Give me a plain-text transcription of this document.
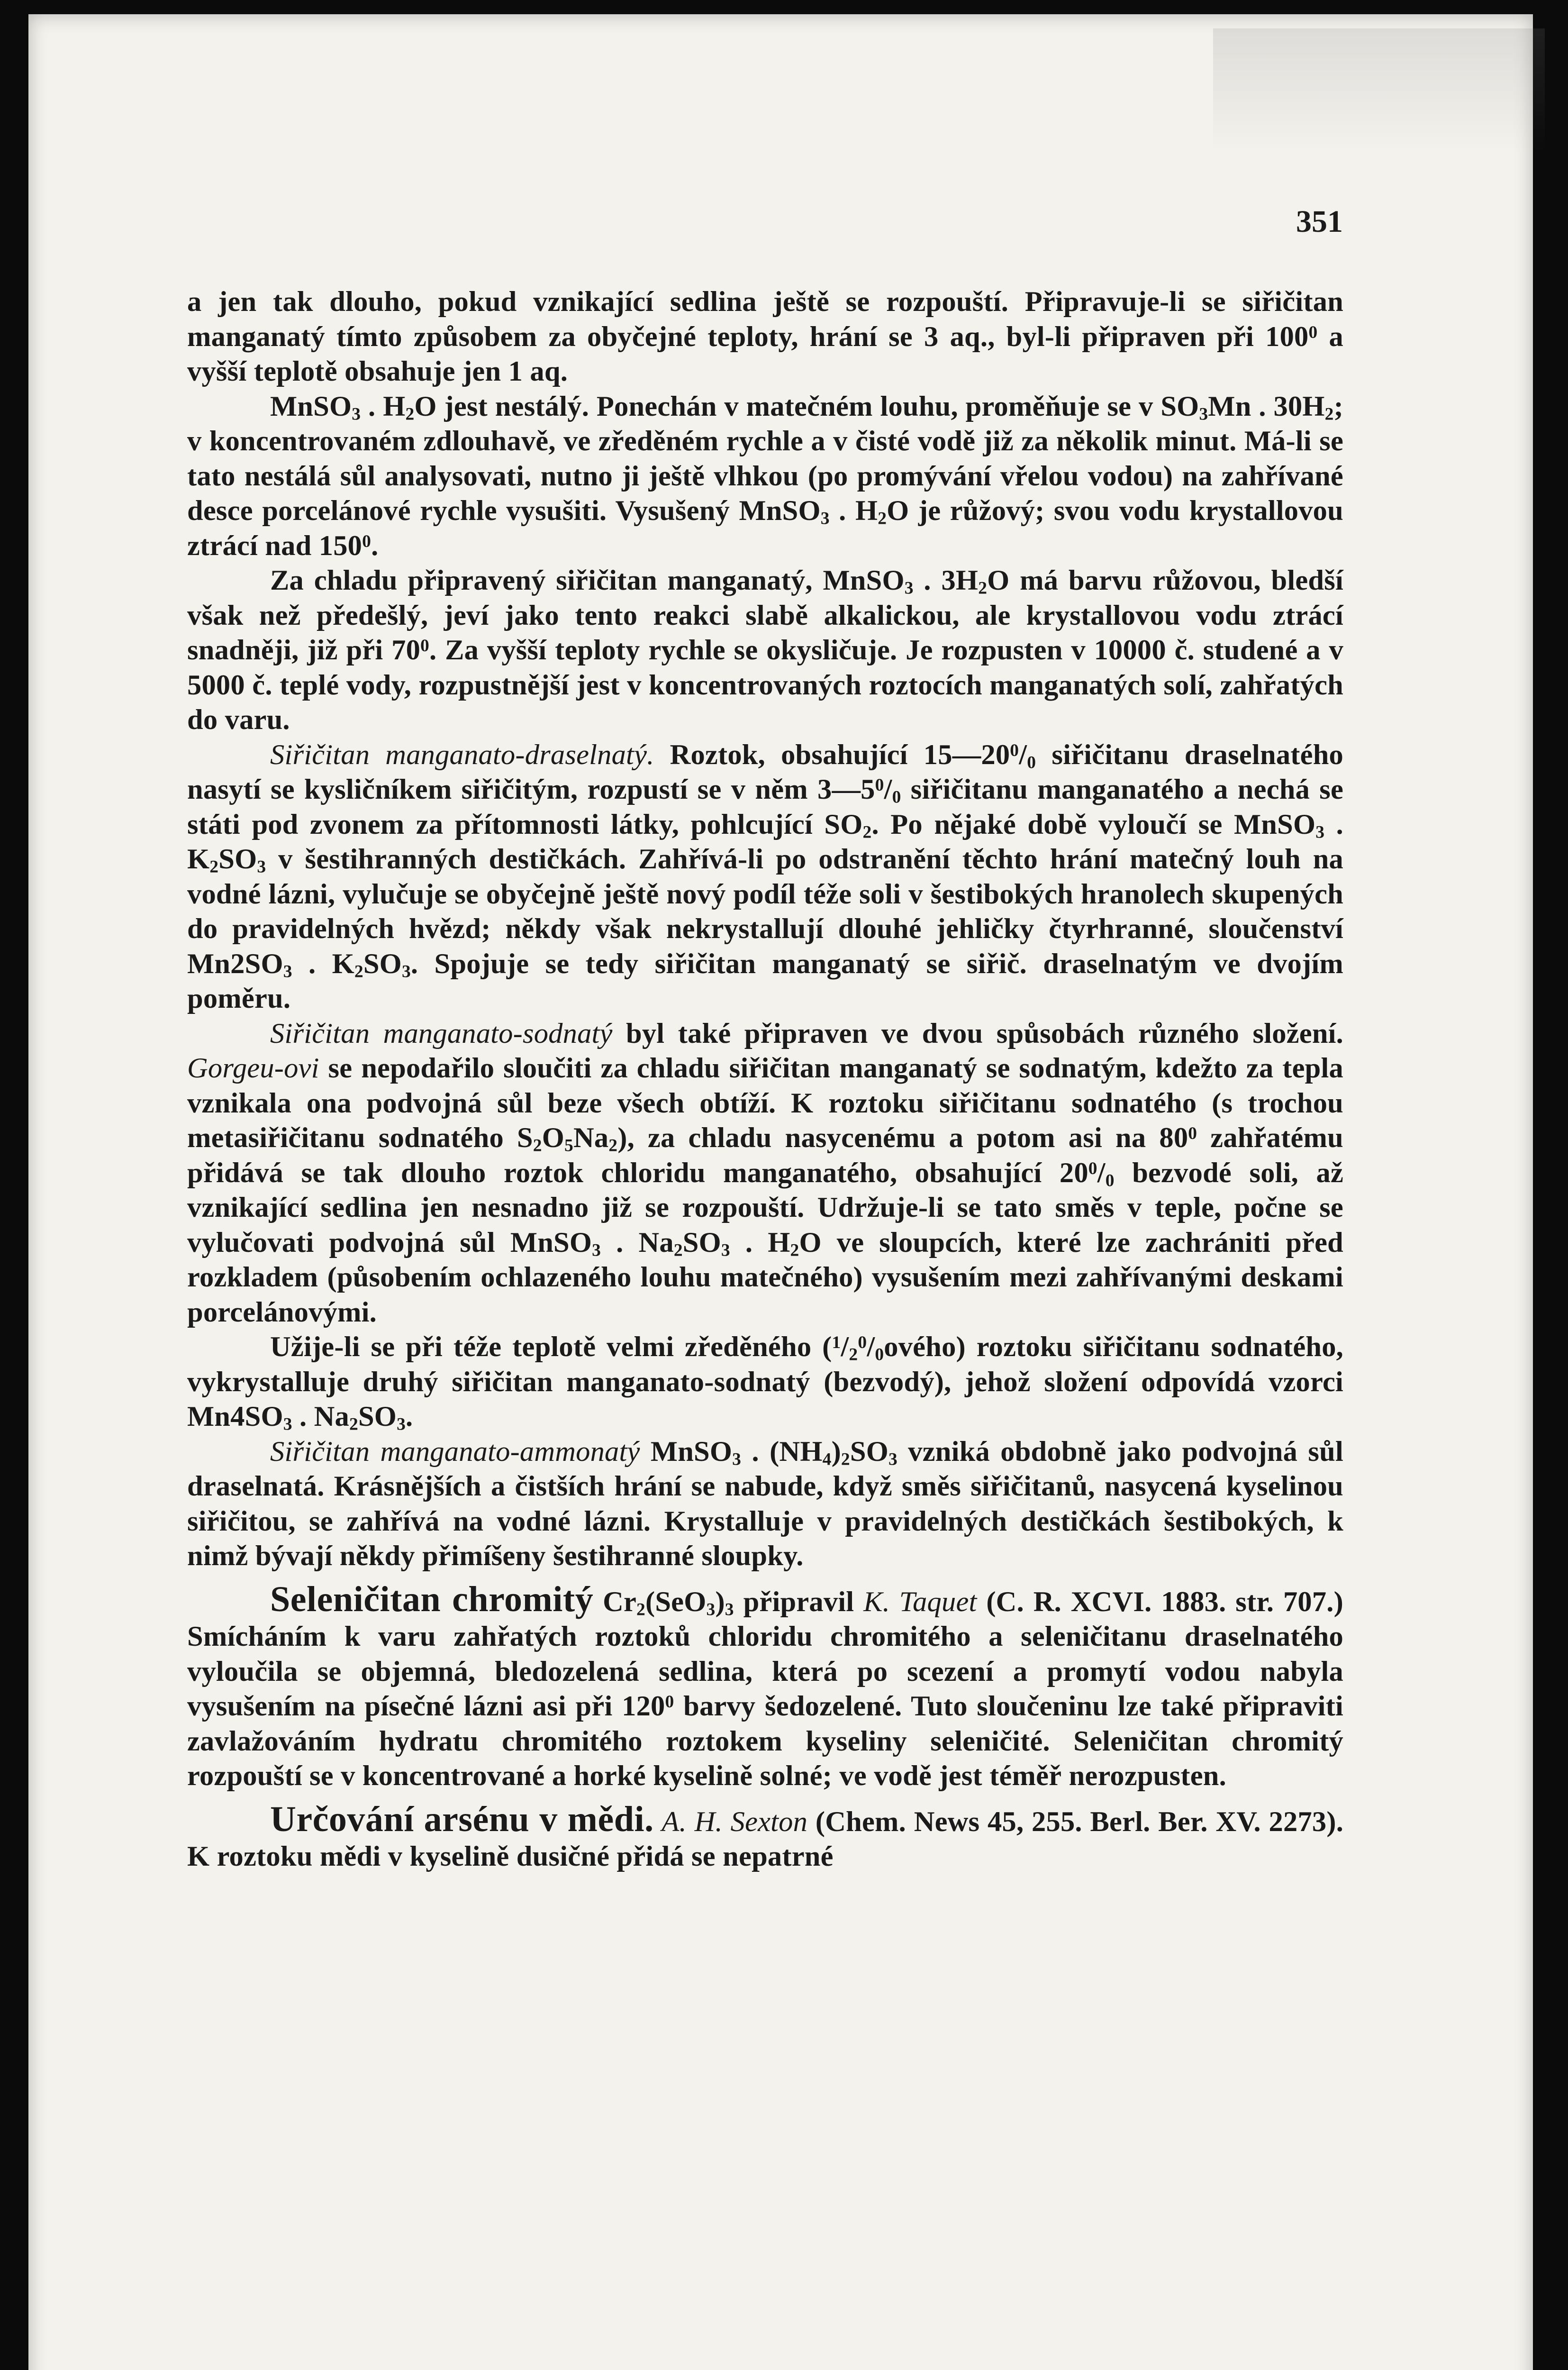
351

a jen tak dlouho, pokud vznikající sedlina ještě se rozpouští. Připravuje-li se siřičitan manganatý tímto způsobem za obyčejné teploty, hrání se 3 aq., byl-li připraven při $100^0$ a vyšší teplotě obsahuje jen 1 aq.

MnSO$_3$ . $H_2O$ jest nestálý. Ponechán v matečném louhu, proměňuje se v $SO_3Mn$ . $30H_2$; v koncentrovaném zdlouhavě, ve zředěném rychle a v čisté vodě již za několik minut. Má-li se tato nestálá sůl analysovati, nutno ji ještě vlhkou (po promývání vřelou vodou) na zahřívané desce porcelánové rychle vysušiti. Vysušený MnSO$_3$ . $H_2O$ je růžový; svou vodu krystallovou ztrácí nad $150^0$.

Za chladu připravený siřičitan manganatý, MnSO$_3$ . $3H_2O$ má barvu růžovou, bledší však než předešlý, jeví jako tento reakci slabě alkalickou, ale krystallovou vodu ztrácí snadněji, již při $70^0$. Za vyšší teploty rychle se okysličuje. Je rozpusten v 10000 č. studené a v 5000 č. teplé vody, rozpustnější jest v koncentrovaných roztocích manganatých solí, zahřatých do varu.

Siřičitan manganato-draselnatý. Roztok, obsahující $15—20^0/_0$ siřičitanu draselnatého nasytí se kysličníkem siřičitým, rozpustí se v něm $3—5^0/_0$ siřičitanu manganatého a nechá se státi pod zvonem za přítomnosti látky, pohlcující $SO_2$. Po nějaké době vyloučí se MnSO$_3$ . $K_2SO_3$ v šestihranných destičkách. Zahřívá-li po odstranění těchto hrání matečný louh na vodné lázni, vylučuje se obyčejně ještě nový podíl téže soli v šestibokých hranolech skupených do pravidelných hvězd; někdy však nekrystallují dlouhé jehličky čtyrhranné, sloučenství $Mn2SO_3$ . $K_2SO_3$. Spojuje se tedy siřičitan manganatý se siřič. draselnatým ve dvojím poměru.

Siřičitan manganato-sodnatý byl také připraven ve dvou spůsobách různého složení. Gorgeu-ovi se nepodařilo sloučiti za chladu siřičitan manganatý se sodnatým, kdežto za tepla vznikala ona podvojná sůl beze všech obtíží. K roztoku siřičitanu sodnatého (s trochou metasiřičitanu sodnatého $S_2O_5Na_2$), za chladu nasycenému a potom asi na $80^0$ zahřatému přidává se tak dlouho roztok chloridu manganatého, obsahující $20^0/_0$ bezvodé soli, až vznikající sedlina jen nesnadno již se rozpouští. Udržuje-li se tato směs v teple, počne se vylučovati podvojná sůl MnSO$_3$ . $Na_2SO_3$ . $H_2O$ ve sloupcích, které lze zachrániti před rozkladem (působením ochlazeného louhu matečného) vysušením mezi zahřívanými deskami porcelánovými.

Užije-li se při téže teplotě velmi zředěného $(^1/_2^0/_0ového)$ roztoku siřičitanu sodnatého, vykrystalluje druhý siřičitan manganato-sodnatý (bezvodý), jehož složení odpovídá vzorci $Mn4SO_3$ . $Na_2SO_3$.

Siřičitan manganato-ammonatý MnSO$_3$ . $(NH_4)_2SO_3$ vzniká obdobně jako podvojná sůl draselnatá. Krásnějších a čistších hrání se nabude, když směs siřičitanů, nasycená kyselinou siřičitou, se zahřívá na vodné lázni. Krystalluje v pravidelných destičkách šestibokých, k nimž bývají někdy přimíšeny šestihranné sloupky.

Seleničitan chromitý $Cr_2(SeO_3)_3$ připravil K. Taquet (C. R. XCVI. 1883. str. 707.) Smícháním k varu zahřatých roztoků chloridu chromitého a seleničitanu draselnatého vyloučila se objemná, bledozelená sedlina, která po scezení a promytí vodou nabyla vysušením na písečné lázni asi při $120^0$ barvy šedozelené. Tuto sloučeninu lze také připraviti zavlažováním hydratu chromitého roztokem kyseliny seleničité. Seleničitan chromitý rozpouští se v koncentrované a horké kyselině solné; ve vodě jest téměř nerozpusten.

Určování arsénu v mědi. A. H. Sexton (Chem. News 45, 255. Berl. Ber. XV. 2273). K roztoku mědi v kyselině dusičné přidá se nepatrné
